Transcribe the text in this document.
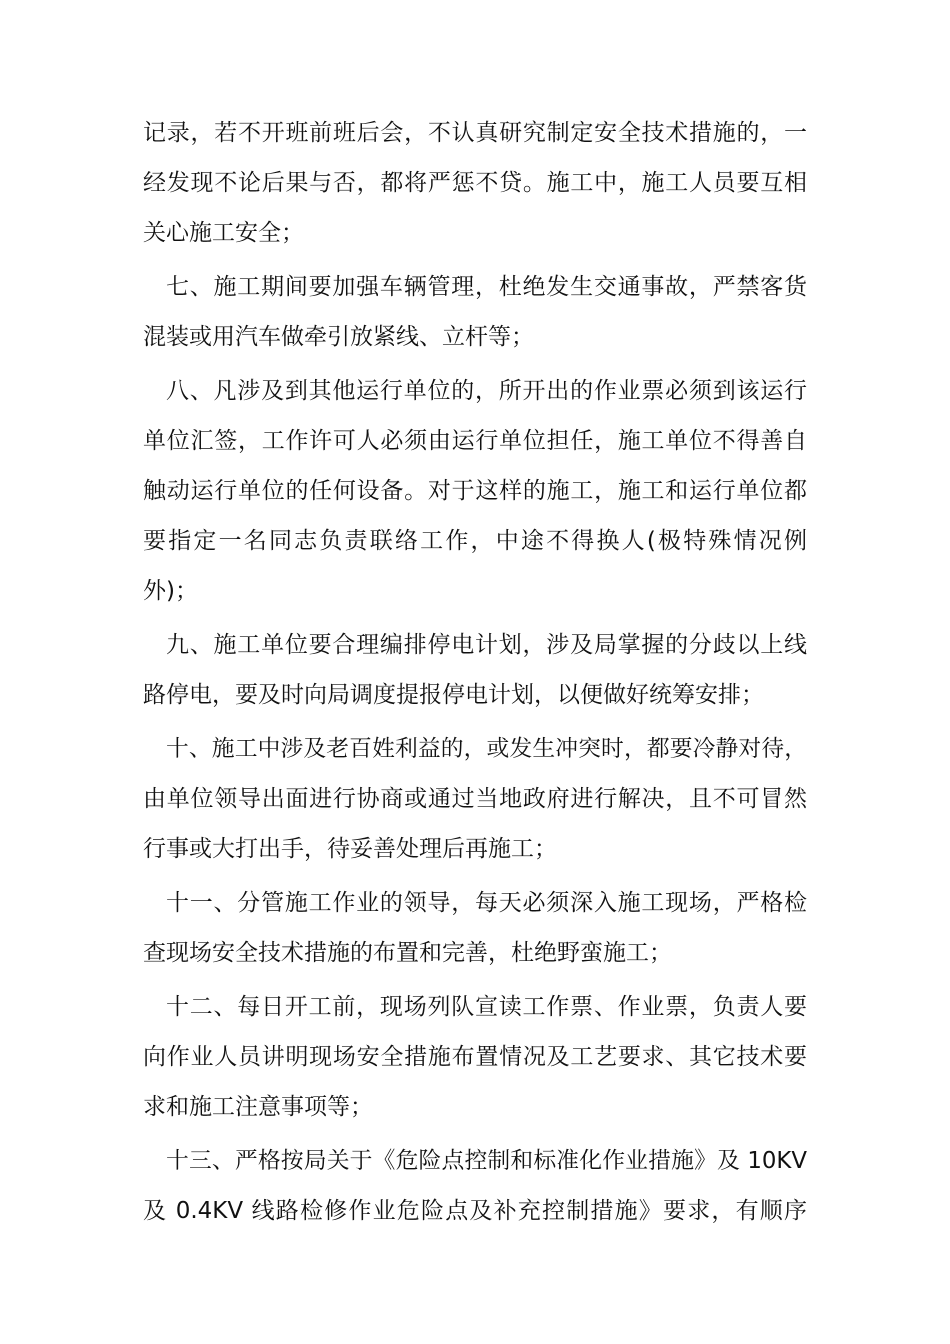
记录，若不开班前班后会，不认真研究制定安全技术措施的，一
经发现不论后果与否，都将严惩不贷。施工中，施工人员要互相
关心施工安全；
七、施工期间要加强车辆管理，杜绝发生交通事故，严禁客货
混装或用汽车做牵引放紧线、立杆等；
八、凡涉及到其他运行单位的，所开出的作业票必须到该运行
单位汇签，工作许可人必须由运行单位担任，施工单位不得善自
触动运行单位的任何设备。对于这样的施工，施工和运行单位都
要指定一名同志负责联络工作，中途不得换人(极特殊情况例
外)；
九、施工单位要合理编排停电计划，涉及局掌握的分歧以上线
路停电，要及时向局调度提报停电计划，以便做好统筹安排；
十、施工中涉及老百姓利益的，或发生冲突时，都要冷静对待，
由单位领导出面进行协商或通过当地政府进行解决，且不可冒然
行事或大打出手，待妥善处理后再施工；
十一、分管施工作业的领导，每天必须深入施工现场，严格检
查现场安全技术措施的布置和完善，杜绝野蛮施工；
十二、每日开工前，现场列队宣读工作票、作业票，负责人要
向作业人员讲明现场安全措施布置情况及工艺要求、其它技术要
求和施工注意事项等；
十三、严格按局关于《危险点控制和标准化作业措施》及 10KV
及 0.4KV 线路检修作业危险点及补充控制措施》要求，有顺序
